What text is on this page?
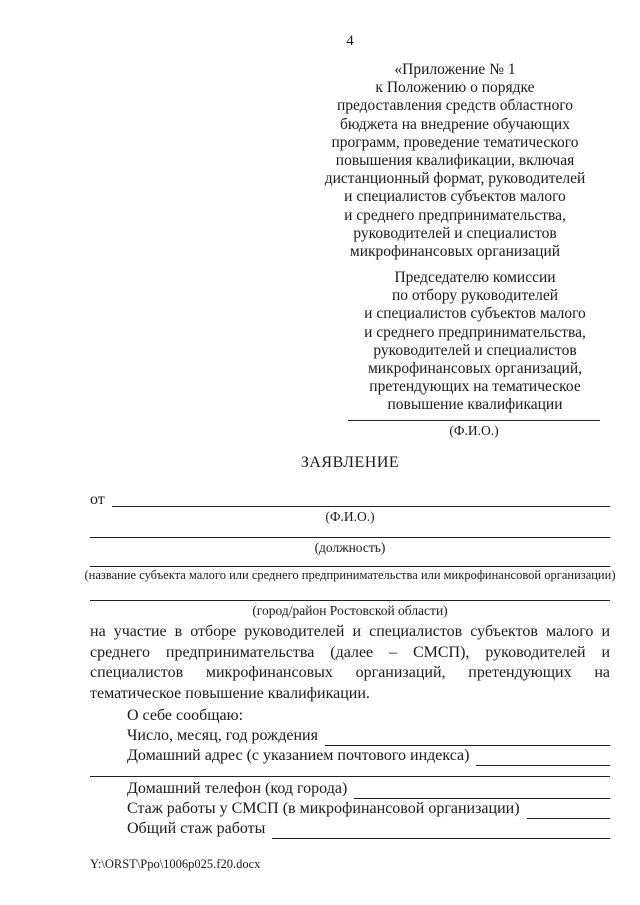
4
«Приложение № 1
к Положению о порядке
предоставления средств областного
бюджета на внедрение обучающих
программ, проведение тематического
повышения квалификации, включая
дистанционный формат, руководителей
и специалистов субъектов малого
и среднего предпринимательства,
руководителей и специалистов
микрофинансовых организаций
Председателю комиссии
по отбору руководителей
и специалистов субъектов малого
и среднего предпринимательства,
руководителей и специалистов
микрофинансовых организаций,
претендующих на тематическое
повышение квалификации
(Ф.И.О.)
ЗАЯВЛЕНИЕ
от
(Ф.И.О.)
(должность)
(название субъекта малого или среднего предпринимательства или микрофинансовой организации)
(город/район Ростовской области)
на участие в отборе руководителей и специалистов субъектов малого и среднего предпринимательства (далее – СМСП), руководителей и специалистов микрофинансовых организаций, претендующих на тематическое повышение квалификации.
О себе сообщаю:
Число, месяц, год рождения
Домашний адрес (с указанием почтового индекса)
Домашний телефон (код города)
Стаж работы у СМСП (в микрофинансовой организации)
Общий стаж работы
Y:\ORST\Ppo\1006p025.f20.docx
